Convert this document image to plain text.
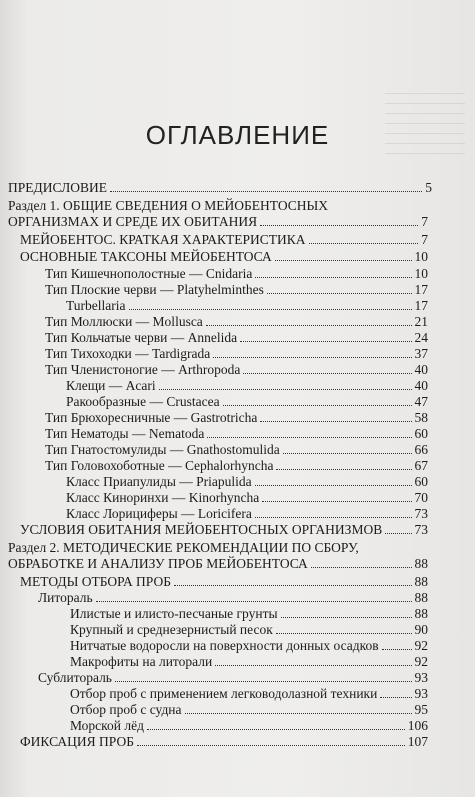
ОГЛАВЛЕНИЕ
ПРЕДИСЛОВИЕ	5
Раздел 1. ОБЩИЕ СВЕДЕНИЯ О МЕЙОБЕНТОСНЫХ
ОРГАНИЗМАХ И СРЕДЕ ИХ ОБИТАНИЯ	7
МЕЙОБЕНТОС. КРАТКАЯ ХАРАКТЕРИСТИКА	7
ОСНОВНЫЕ ТАКСОНЫ МЕЙОБЕНТОСА	10
Тип Кишечнополостные — Cnidaria	10
Тип Плоские черви — Platyhelminthes	17
Turbellaria	17
Тип Моллюски — Mollusca	21
Тип Кольчатые черви — Annelida	24
Тип Тихоходки — Tardigrada	37
Тип Членистоногие — Arthropoda	40
Клещи — Acari	40
Ракообразные — Crustacea	47
Тип Брюхоресничные — Gastrotricha	58
Тип Нематоды — Nematoda	60
Тип Гнатостомулиды — Gnathostomulida	66
Тип Головохоботные — Cephalorhyncha	67
Класс Приапулиды — Priapulida	60
Класс Киноринхи — Kinorhyncha	70
Класс Лорициферы — Loricifera	73
УСЛОВИЯ ОБИТАНИЯ МЕЙОБЕНТОСНЫХ ОРГАНИЗМОВ 73
Раздел 2. МЕТОДИЧЕСКИЕ РЕКОМЕНДАЦИИ ПО СБОРУ,
ОБРАБОТКЕ И АНАЛИЗУ ПРОБ МЕЙОБЕНТОСА	88
МЕТОДЫ ОТБОРА ПРОБ	88
Литораль	88
Илистые и илисто-песчаные грунты	88
Крупный и среднезернистый песок	90
Нитчатые водоросли на поверхности донных осадков	92
Макрофиты на литорали	92
Сублитораль	93
Отбор проб с применением легководолазной техники	93
Отбор проб с судна	95
Морской лёд	106
ФИКСАЦИЯ ПРОБ	107
